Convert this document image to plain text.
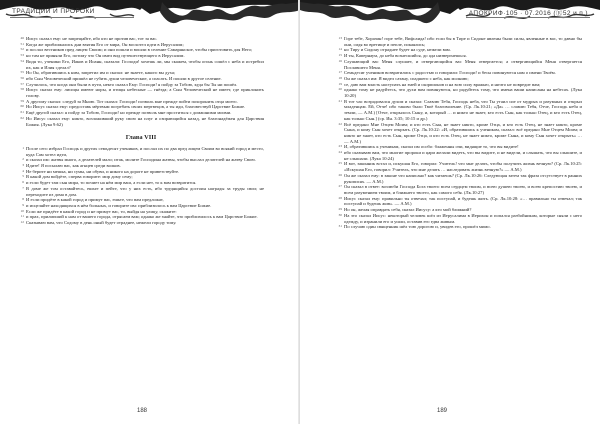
ТРАДИЦИИ И ПРОРОКИ

46 Иисус сказал ему: не запрещайте, ибо кто не против вас, тот за вас.

51 Когда же приближались дни взятия Его от мира, Он восхотел идти в Иерусалим;

52 и послал вестников пред лицем Своим; и они пошли и вошли в селение Самарянское, чтобы приготовить для Него;

53 но там не приняли Его, потому что Он имел вид путешествующего в Иерусалим.

54 Видя то, ученики Его, Иаков и Иоанн, сказали: Господи! хочешь ли, мы скажем, чтобы огонь сошёл с неба и истребил их, как и Илия сделал?

55 Но Он, обратившись к ним, запретил им и сказал: не знаете, какого вы духа;

56 ибо Сын Человеческий пришёл не губить души человеческие, а спасать. И пошли в другое селение.

57 Случилось, что когда они были в пути, некто сказал Ему: Господи! я пойду за Тобою, куда бы Ты ни пошёл.

58 Иисус сказал ему: лисицы имеют норы, и птицы небесные — гнёзда; а Сын Человеческий не имеет, где приклонить голову.

59 А другому сказал: следуй за Мною. Тот сказал: Господи! позволь мне прежде пойти похоронить отца моего.

60 Но Иисус сказал ему: предоставь мёртвым погребать своих мертвецов, а ты иди, благовествуй Царствие Божие.

61 Ещё другой сказал: я пойду за Тобою, Господи! но прежде позволь мне проститься с домашними моими.

62 Но Иисус сказал ему: никто, возложивший руку свою на плуг и озирающийся назад, не благонадёжен для Царствия Божия. (Лука 9:62)

Глава VIII

1 После сего избрал Господь и других семьдесят учеников, и послал их по два пред лицем Своим во всякий город и место, куда Сам хотел идти,

2 и сказал им: жатвы много, а делателей мало; итак, молите Господина жатвы, чтобы выслал делателей на жатву Свою.

3 Идите! Я посылаю вас, как агнцев среди волков.

4 Не берите ни мешка, ни сумы, ни обуви, и никого на дороге не приветствуйте.

5 В какой дом войдёте, сперва говорите: мир дому сему;

6 и если будет там сын мира, то почиет на нём мир ваш, а если нет, то к вам возвратится.

7 В доме же том оставайтесь, ешьте и пейте, что у них есть, ибо трудящийся достоин награды за труды свои; не переходите из дома в дом.

8 И если придёте в какой город и примут вас, ешьте, что вам предложат,

9 и исцеляйте находящихся в нём больных, и говорите им: приблизилось к вам Царствие Божие.

10 Если же придёте в какой город и не примут вас, то, выйдя на улицу, скажите:

11 и прах, прилипший к нам от вашего города, отрясаем вам; однако же знайте, что приблизилось к вам Царствие Божие.

12 Сказываю вам, что Содому в день оный будет отраднее, нежели городу тому.

188
АПОКРИФ·105 · 07.2016 (Ⓡ52 и.п.)

13 Горе тебе, Хоразин! горе тебе, Вифсаида! ибо если бы в Тире и Сидоне явлены были силы, явленные в вас, то давно бы они, сидя во вретище и пепле, покаялись;

14 но Тиру и Сидону отраднее будет на суде, нежели вам.

15 И ты, Капернаум, до неба вознесшийся, до ада низвергнешься.

16 Слушающий вас Меня слушает, и отвергающийся вас Меня отвергается; а отвергающийся Меня отвергается Пославшего Меня.

17 Семьдесят учеников возвратились с радостью и говорили: Господи! и бесы повинуются нам о имени Твоём.

18 Он же сказал им: Я видел сатану, спадшего с неба, как молнию;

19 се, даю вам власть наступать на змей и скорпионов и на всю силу вражью, и ничто не повредит вам;

20 однако тому не радуйтесь, что духи вам повинуются, но радуйтесь тому, что имена ваши написаны на небесах. (Лука 10:20)

21 В тот час возрадовался духом и сказал: Славлю Тебя, Господь неба, что Ты утаил сие от мудрых и разумных и открыл младенцам. Ей, Отче! ибо таково было Твоё благоволение. (Ср. Лк.10:21; «Да» … славлю Тебя, Отче, Господь неба и земли, — А.М.) [Отче, открылось Сыну, и, который … и никто не знает, кто есть Сын, как только Отец, и кто есть Отец, как только Сын.] (ср. Ин. 3:35; 10:15 и др.)

22 Всё предано Мне Отцем Моим; и кто есть Сын, не знает никто, кроме Отца, и кто есть Отец, не знает никто, кроме Сына, и кому Сын хочет открыть. (Ср. Лк.10:22: «И, обратившись к ученикам, сказал: всё предано Мне Отцем Моим; и никто не знает, кто есть Сын, кроме Отца, и кто есть Отец, не знает никто, кроме Сына, и кому Сын хочет открыть» … — А.М.)

23 И, обратившись к ученикам, сказал им особо: блаженны очи, видящие то, что вы видите!

24 ибо сказываю вам, что многие пророки и цари желали видеть, что вы видите, и не видели, и слышать, что вы слышите, и не слышали. (Лука 10:24)

25 И вот, законник встал и, искушая Его, говорил: Учитель! что мне делать, чтобы получить жизнь вечную? (Ср. Лк.10:25: «Искушая Его, говорил: Учитель, что мне делать … наследовать жизнь вечную?» — А.М.)

26 Он же сказал ему: в законе что написано? как читаешь? (Ср. Лк.10:26: Следующая затем так фраза отсутствует в ранних рукописях. — А.М.)

27 Он сказал в ответ: возлюби Господа Бога твоего всем сердцем твоим, и всею душею твоею, и всею крепостию твоею, и всем разумением твоим, и ближнего твоего, как самого себя. (Лк.10:27)

28 Иисус сказал ему: правильно ты отвечал; так поступай, и будешь жить. (Ср. Лк.10:28: «… правильно ты отвечал; так поступай и будешь жив». — А.М.)

29 Но он, желая оправдать себя, сказал Иисусу: а кто мой ближний?

30 На это сказал Иисус: некоторый человек шёл из Иерусалима в Иерихон и попался разбойникам, которые сняли с него одежду, и изранили его и ушли, оставив его едва живым.

31 По случаю один священник шёл тою дорогою и, увидев его, прошёл мимо.

189
